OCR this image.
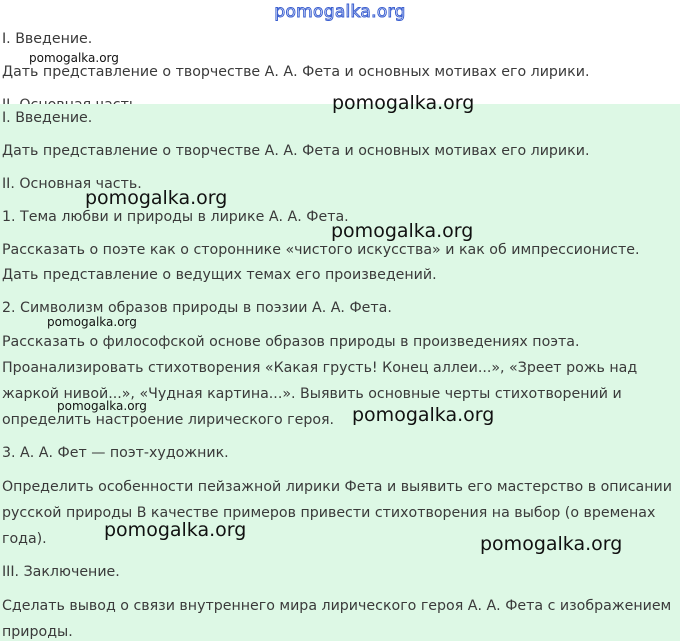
pomogalka.org
I. Введение.
Дать представление о творчестве А. А. Фета и основных мотивах его лирики.
I. Введение.
Дать представление о творчестве А. А. Фета и основных мотивах его лирики.
II. Основная часть.
1. Тема любви и природы в лирике А. А. Фета.
Рассказать о поэте как о стороннике «чистого искусства» и как об импрессионисте.
Дать представление о ведущих темах его произведений.
2. Символизм образов природы в поэзии А. А. Фета.
Рассказать о философской основе образов природы в произведениях поэта.
Проанализировать стихотворения «Какая грусть! Конец аллеи...», «Зреет рожь над
жаркой нивой...», «Чудная картина...». Выявить основные черты стихотворений и
определить настроение лирического героя.
3. А. А. Фет — поэт-художник.
Определить особенности пейзажной лирики Фета и выявить его мастерство в описании
русской природы В качестве примеров привести стихотворения на выбор (о временах
года).
III. Заключение.
Сделать вывод о связи внутреннего мира лирического героя А. А. Фета с изображением
природы.
pomogalka.org
pomogalka.org
pomogalka.org
pomogalka.org
pomogalka.org
pomogalka.org	pomogalka.org
pomogalka.org
pomogalka.org
